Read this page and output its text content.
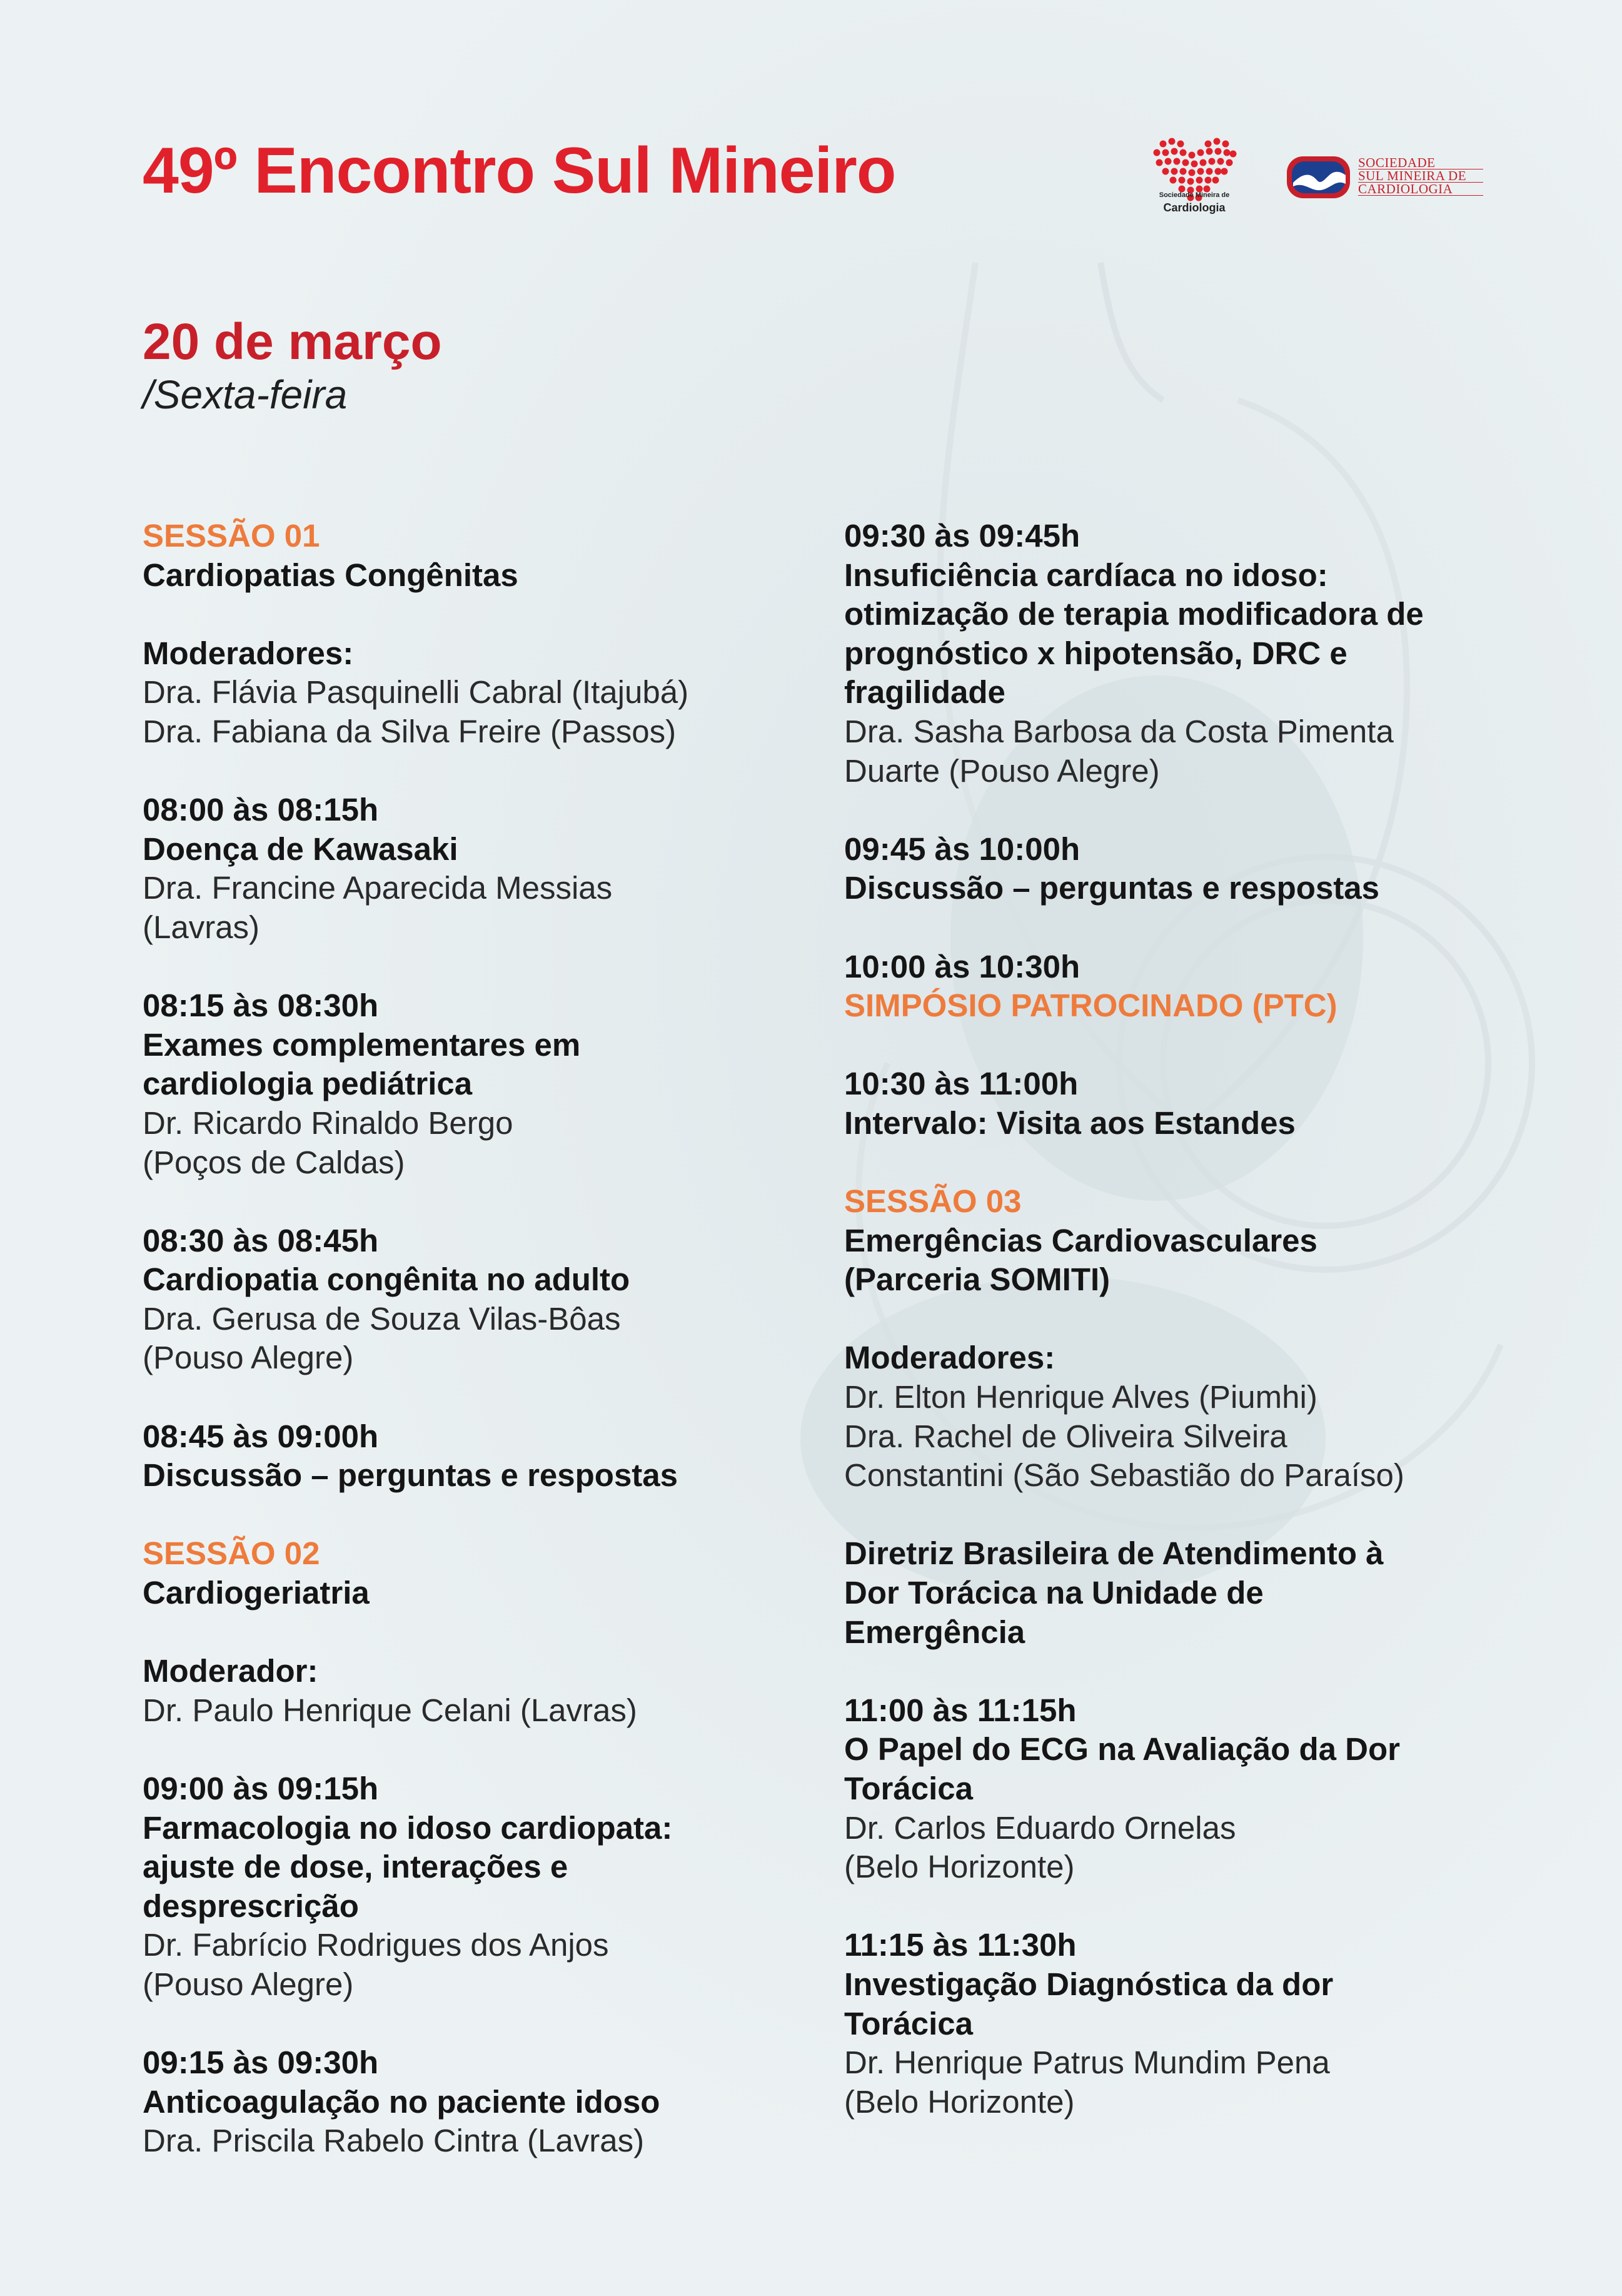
49º Encontro Sul Mineiro	Sociedade Mineira de
Cardiologia
SOCIEDADE
SUL MINEIRA DE
CARDIOLOGIA
20 de março
/Sexta-feira
SESSÃO 01
Cardiopatias Congênitas
Moderadores:
Dra. Flávia Pasquinelli Cabral (Itajubá)
Dra. Fabiana da Silva Freire (Passos)
08:00 às 08:15h
Doença de Kawasaki
Dra. Francine Aparecida Messias
(Lavras)
08:15 às 08:30h
Exames complementares em
cardiologia pediátrica
Dr. Ricardo Rinaldo Bergo
(Poços de Caldas)
08:30 às 08:45h
Cardiopatia congênita no adulto
Dra. Gerusa de Souza Vilas-Bôas
(Pouso Alegre)
08:45 às 09:00h
Discussão – perguntas e respostas
SESSÃO 02
Cardiogeriatria
Moderador:
Dr. Paulo Henrique Celani (Lavras)
09:00 às 09:15h
Farmacologia no idoso cardiopata:
ajuste de dose, interações e
desprescrição
Dr. Fabrício Rodrigues dos Anjos
(Pouso Alegre)
09:15 às 09:30h
Anticoagulação no paciente idoso
Dra. Priscila Rabelo Cintra (Lavras)
09:30 às 09:45h
Insuficiência cardíaca no idoso:
otimização de terapia modificadora de
prognóstico x hipotensão, DRC e
fragilidade
Dra. Sasha Barbosa da Costa Pimenta
Duarte (Pouso Alegre)
09:45 às 10:00h
Discussão – perguntas e respostas
10:00 às 10:30h
SIMPÓSIO PATROCINADO (PTC)
10:30 às 11:00h
Intervalo: Visita aos Estandes
SESSÃO 03
Emergências Cardiovasculares
(Parceria SOMITI)
Moderadores:
Dr. Elton Henrique Alves (Piumhi)
Dra. Rachel de Oliveira Silveira
Constantini (São Sebastião do Paraíso)
Diretriz Brasileira de Atendimento à
Dor Torácica na Unidade de
Emergência
11:00 às 11:15h
O Papel do ECG na Avaliação da Dor
Torácica
Dr. Carlos Eduardo Ornelas
(Belo Horizonte)
11:15 às 11:30h
Investigação Diagnóstica da dor
Torácica
Dr. Henrique Patrus Mundim Pena
(Belo Horizonte)
